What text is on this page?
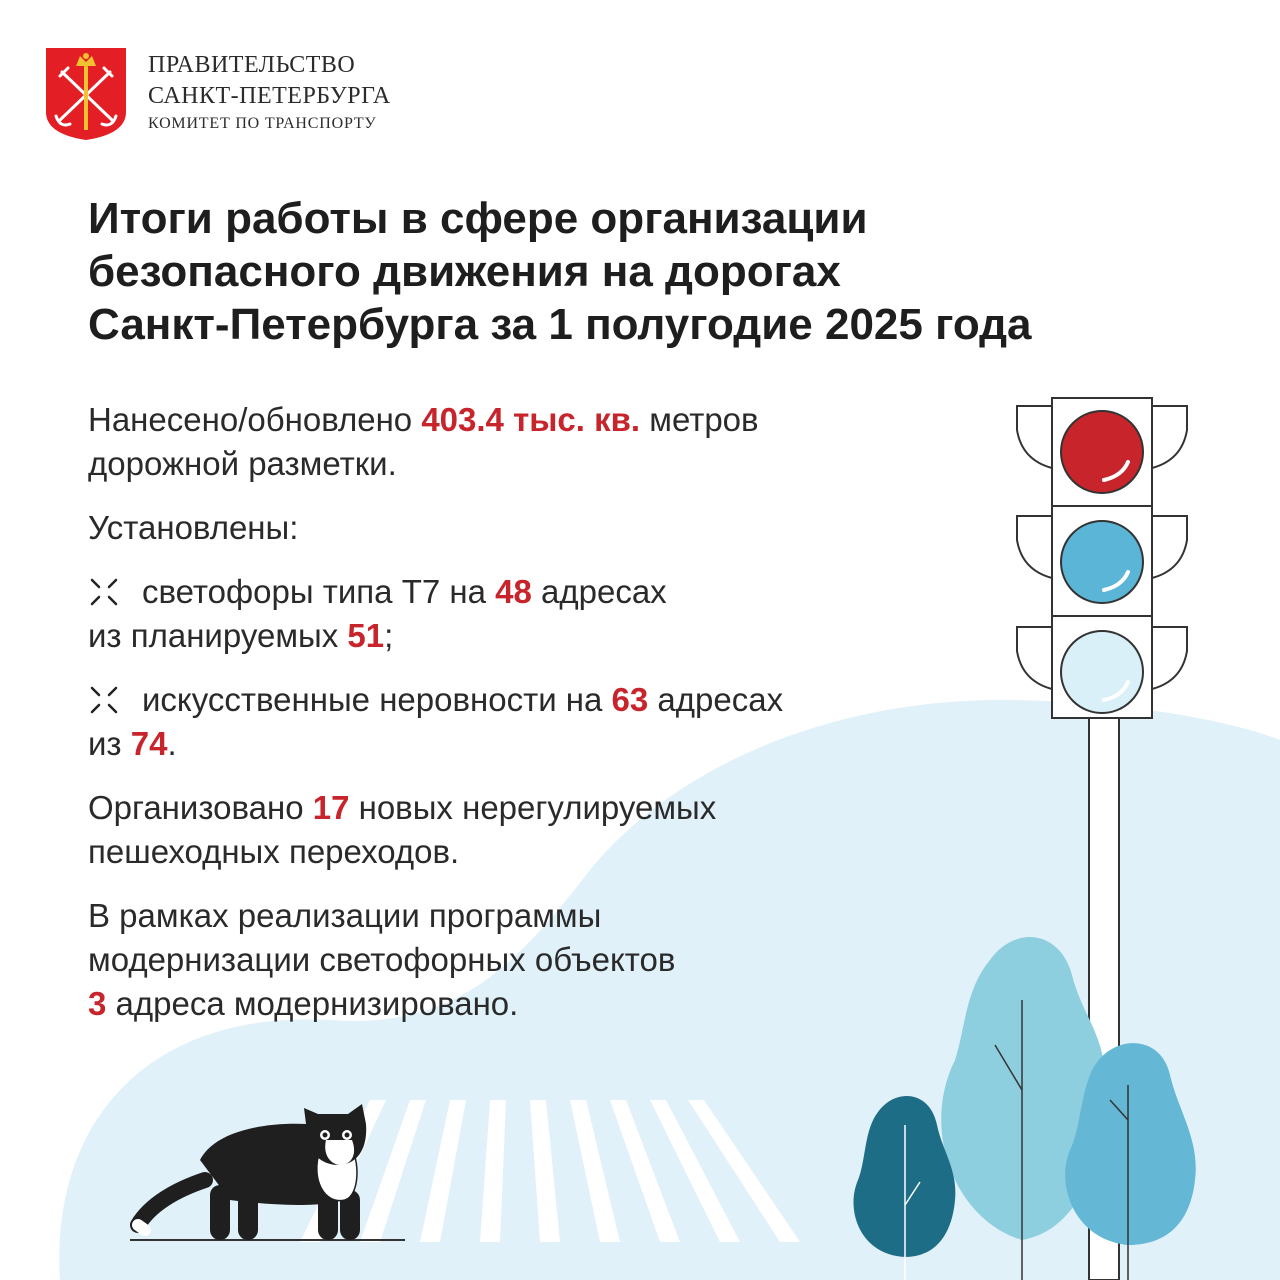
ПРАВИТЕЛЬСТВО
САНКТ-ПЕТЕРБУРГА
КОМИТЕТ ПО ТРАНСПОРТУ
Итоги работы в сфере организации
безопасного движения на дорогах
Санкт-Петербурга за 1 полугодие 2025 года

Нанесено/обновлено 403.4 тыс. кв. метров
дорожной разметки.

Установлены:

светофоры типа Т7 на 48 адресах
из планируемых 51;

искусственные неровности на 63 адресах
из 74.

Организовано 17 новых нерегулируемых
пешеходных переходов.

В рамках реализации программы
модернизации светофорных объектов
3 адреса модернизировано.
